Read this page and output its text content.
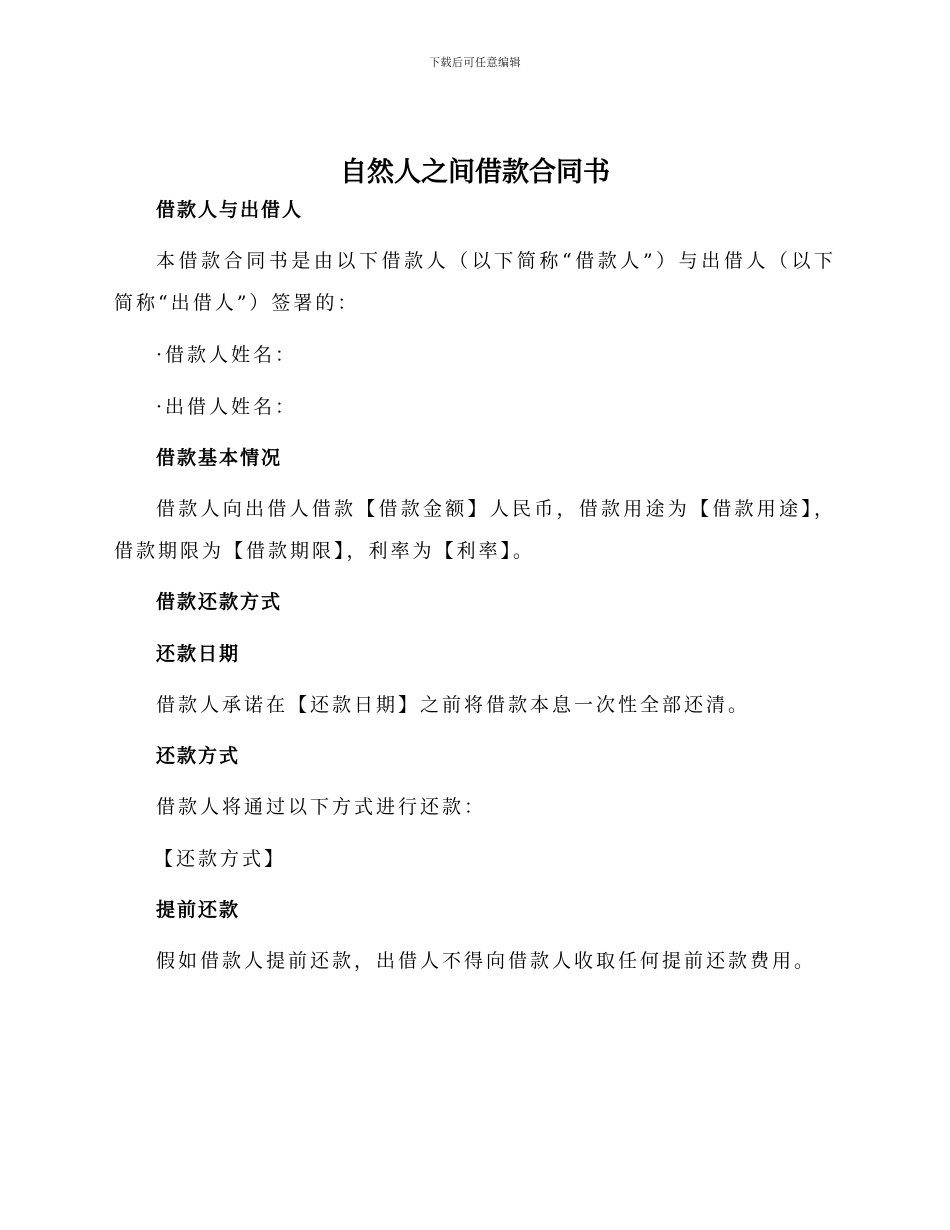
下载后可任意编辑
自然人之间借款合同书
借款人与出借人

本借款合同书是由以下借款人（以下简称“借款人”）与出借人（以下简称“出借人”）签署的：

·借款人姓名：

·出借人姓名：

借款基本情况

借款人向出借人借款【借款金额】人民币，借款用途为【借款用途】，借款期限为【借款期限】，利率为【利率】。

借款还款方式
还款日期

借款人承诺在【还款日期】之前将借款本息一次性全部还清。

还款方式

借款人将通过以下方式进行还款：

【还款方式】

提前还款

假如借款人提前还款，出借人不得向借款人收取任何提前还款费用。
